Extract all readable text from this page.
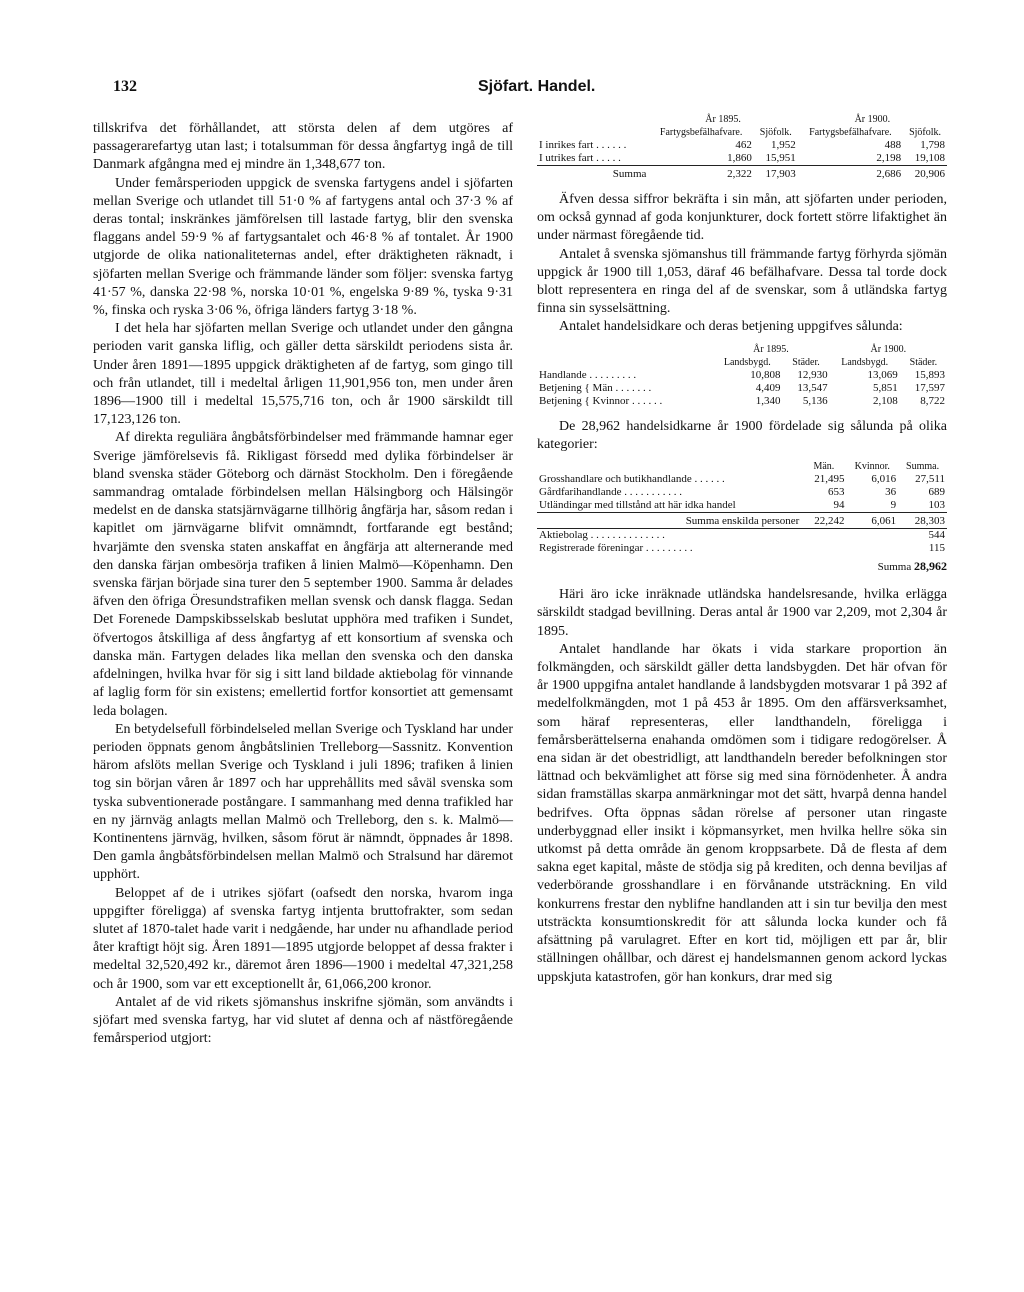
132	Sjöfart. Handel.

tillskrifva det förhållandet, att största delen af dem utgöres af passagerarefartyg utan last; i totalsumman för dessa ångfartyg ingå de till Danmark afgångna med ej mindre än 1,348,677 ton.

Under femårsperioden uppgick de svenska fartygens andel i sjöfarten mellan Sverige och utlandet till 51·0 % af fartygens antal och 37·3 % af deras tontal; inskränkes jämförelsen till lastade fartyg, blir den svenska flaggans andel 59·9 % af fartygsantalet och 46·8 % af tontalet. År 1900 utgjorde de olika nationaliteternas andel, efter dräktigheten räknadt, i sjöfarten mellan Sverige och främmande länder som följer: svenska fartyg 41·57 %, danska 22·98 %, norska 10·01 %, engelska 9·89 %, tyska 9·31 %, finska och ryska 3·06 %, öfriga länders fartyg 3·18 %.

I det hela har sjöfarten mellan Sverige och utlandet under den gångna perioden varit ganska liflig, och gäller detta särskildt periodens sista år. Under åren 1891—1895 uppgick dräktigheten af de fartyg, som gingo till och från utlandet, till i medeltal årligen 11,901,956 ton, men under åren 1896—1900 till i medeltal 15,575,716 ton, och år 1900 särskildt till 17,123,126 ton.

Af direkta reguliära ångbåtsförbindelser med främmande hamnar eger Sverige jämförelsevis få. Rikligast försedd med dylika förbindelser är bland svenska städer Göteborg och därnäst Stockholm. Den i föregående sammandrag omtalade förbindelsen mellan Hälsingborg och Hälsingör medelst en de danska statsjärnvägarne tillhörig ångfärja har, såsom redan i kapitlet om järnvägarne blifvit omnämndt, fortfarande egt bestånd; hvarjämte den svenska staten anskaffat en ångfärja att alternerande med den danska färjan ombesörja trafiken å linien Malmö—Köpenhamn. Den svenska färjan började sina turer den 5 september 1900. Samma år delades äfven den öfriga Öresundstrafiken mellan svensk och dansk flagga. Sedan Det Forenede Dampskibsselskab beslutat upphöra med trafiken i Sundet, öfvertogos åtskilliga af dess ångfartyg af ett konsortium af svenska och danska män. Fartygen delades lika mellan den svenska och den danska afdelningen, hvilka hvar för sig i sitt land bildade aktiebolag för vinnande af laglig form för sin existens; emellertid fortfor konsortiet att gemensamt leda bolagen.

En betydelsefull förbindelseled mellan Sverige och Tyskland har under perioden öppnats genom ångbåtslinien Trelleborg—Sassnitz. Konvention härom afslöts mellan Sverige och Tyskland i juli 1896; trafiken å linien tog sin början våren år 1897 och har upprehållits med såväl svenska som tyska subventionerade postångare. I sammanhang med denna trafikled har en ny järnväg anlagts mellan Malmö och Trelleborg, den s. k. Malmö—Kontinentens järnväg, hvilken, såsom förut är nämndt, öppnades år 1898. Den gamla ångbåtsförbindelsen mellan Malmö och Stralsund har däremot upphört.

Beloppet af de i utrikes sjöfart (oafsedt den norska, hvarom inga uppgifter föreligga) af svenska fartyg intjenta bruttofrakter, som sedan slutet af 1870-talet hade varit i nedgående, har under nu afhandlade period åter kraftigt höjt sig. Åren 1891—1895 utgjorde beloppet af dessa frakter i medeltal 32,520,492 kr., däremot åren 1896—1900 i medeltal 47,321,258 och år 1900, som var ett exceptionellt år, 61,066,200 kronor.

Antalet af de vid rikets sjömanshus inskrifne sjömän, som användts i sjöfart med svenska fartyg, har vid slutet af denna och af nästföregående femårsperiod utgjort:

	År 1895.		År 1900.	
	Fartygsbefälhafvare.	Sjöfolk.	Fartygsbefälhafvare.	Sjöfolk.
I inrikes fart . . . . . .	462	1,952	488	1,798
I utrikes fart . . . . .	1,860	15,951	2,198	19,108
Summa	2,322	17,903	2,686	20,906

Äfven dessa siffror bekräfta i sin mån, att sjöfarten under perioden, om också gynnad af goda konjunkturer, dock fortett större lifaktighet än under närmast föregående tid.

Antalet å svenska sjömanshus till främmande fartyg förhyrda sjömän uppgick år 1900 till 1,053, däraf 46 befälhafvare. Dessa tal torde dock blott representera en ringa del af de svenskar, som å utländska fartyg finna sin sysselsättning.

Antalet handelsidkare och deras betjening uppgifves sålunda:

	År 1895.		År 1900.	
	Landsbygd.	Städer.	Landsbygd.	Städer.
Handlande . . . . . . . . .	10,808	12,930	13,069	15,893
Betjening { Män . . . . . . .	4,409	13,547	5,851	17,597
Betjening { Kvinnor . . . . . .	1,340	5,136	2,108	8,722

De 28,962 handelsidkarne år 1900 fördelade sig sålunda på olika kategorier:

	Män.	Kvinnor.	Summa.
Grosshandlare och butikhandlande . . . . . .	21,495	6,016	27,511
Gårdfarihandlande . . . . . . . . . . .	653	36	689
Utländingar med tillstånd att här idka handel	94	9	103
Summa enskilda personer	22,242	6,061	28,303
Aktiebolag . . . . . . . . . . . . . .			544
Registrerade föreningar . . . . . . . . .			115
Summa 28,962

Häri äro icke inräknade utländska handelsresande, hvilka erlägga särskildt stadgad bevillning. Deras antal år 1900 var 2,209, mot 2,304 år 1895.

Antalet handlande har ökats i vida starkare proportion än folkmängden, och särskildt gäller detta landsbygden. Det här ofvan för år 1900 uppgifna antalet handlande å landsbygden motsvarar 1 på 392 af medelfolkmängden, mot 1 på 453 år 1895. Om den affärsverksamhet, som häraf representeras, eller landthandeln, föreligga i femårsberättelserna enahanda omdömen som i tidigare redogörelser. Å ena sidan är det obestridligt, att landthandeln bereder befolkningen stor lättnad och bekvämlighet att förse sig med sina förnödenheter. Å andra sidan framställas skarpa anmärkningar mot det sätt, hvarpå denna handel bedrifves. Ofta öppnas sådan rörelse af personer utan ringaste underbyggnad eller insikt i köpmansyrket, men hvilka hellre söka sin utkomst på detta område än genom kroppsarbete. Då de flesta af dem sakna eget kapital, måste de stödja sig på krediten, och denna beviljas af vederbörande grosshandlare i en förvånande utsträckning. En vild konkurrens frestar den nyblifne handlanden att i sin tur bevilja den mest utsträckta konsumtionskredit för att sålunda locka kunder och få afsättning på varulagret. Efter en kort tid, möjligen ett par år, blir ställningen ohållbar, och därest ej handelsmannen genom ackord lyckas uppskjuta katastrofen, gör han konkurs, drar med sig
